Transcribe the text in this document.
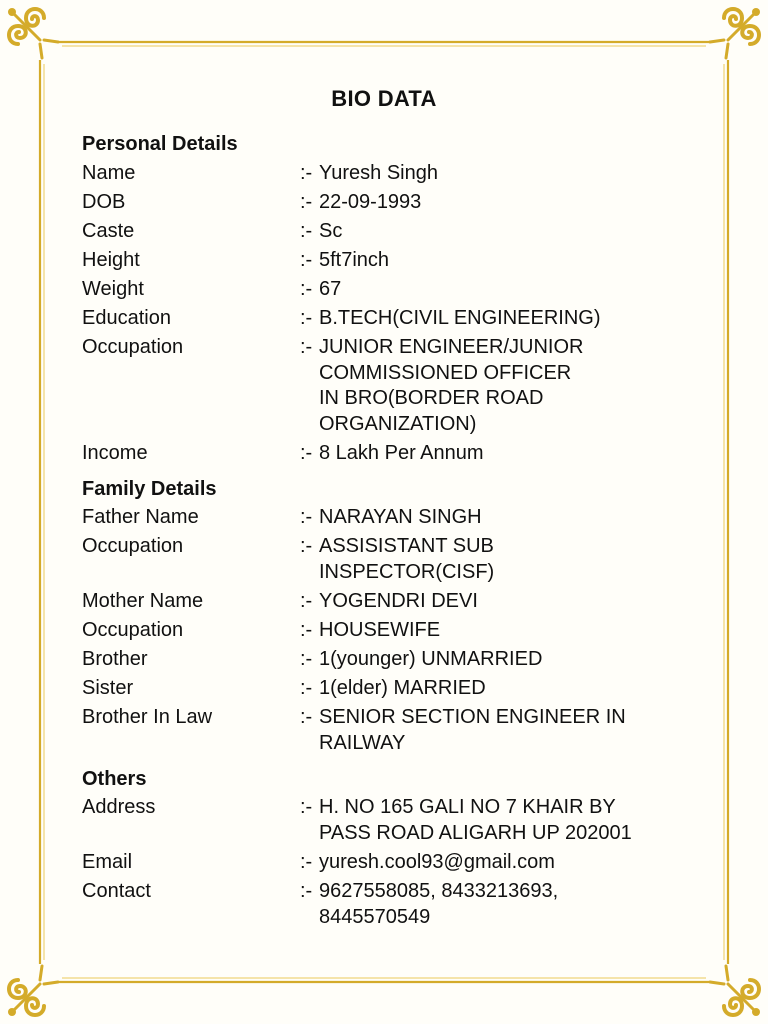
BIO DATA
Personal Details
Name	:- Yuresh Singh
DOB	:- 22-09-1993
Caste	:- Sc
Height	:- 5ft7inch
Weight	:- 67
Education	:- B.TECH(CIVIL ENGINEERING)
Occupation	:- JUNIOR ENGINEER/JUNIOR
COMMISSIONED OFFICER
IN BRO(BORDER ROAD
ORGANIZATION)
Income	:- 8 Lakh Per Annum
Family Details
Father Name	:- NARAYAN SINGH
Occupation	:- ASSISISTANT SUB
INSPECTOR(CISF)
Mother Name	:- YOGENDRI DEVI
Occupation	:- HOUSEWIFE
Brother	:- 1(younger) UNMARRIED
Sister	:- 1(elder) MARRIED
Brother In Law	:- SENIOR SECTION ENGINEER IN
RAILWAY
Others
Address	:- H. NO 165 GALI NO 7 KHAIR BY
PASS ROAD ALIGARH UP 202001
Email	:- yuresh.cool93@gmail.com
Contact	:- 9627558085, 8433213693,
8445570549
